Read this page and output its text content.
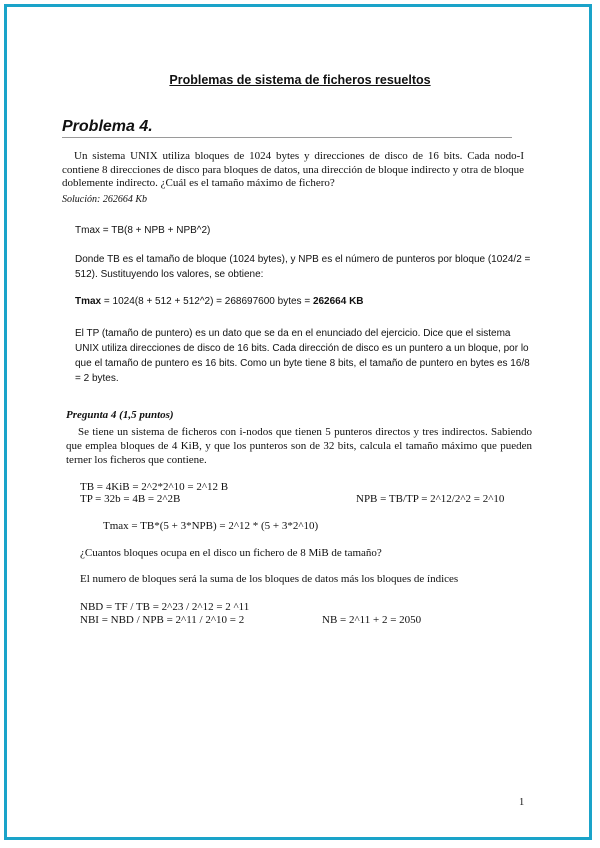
Problemas de sistema de ficheros resueltos
Problema 4.

Un sistema UNIX utiliza bloques de 1024 bytes y direcciones de disco de 16 bits. Cada nodo-I contiene 8 direcciones de disco para bloques de datos, una dirección de bloque indirecto y otra de bloque doblemente indirecto. ¿Cuál es el tamaño máximo de fichero?

Solución: 262664 Kb
Tmax = TB(8 + NPB + NPB^2)

Donde TB es el tamaño de bloque (1024 bytes), y NPB es el número de punteros por bloque (1024/2 = 512). Sustituyendo los valores, se obtiene:

Tmax = 1024(8 + 512 + 512^2) = 268697600 bytes = 262664 KB

El TP (tamaño de puntero) es un dato que se da en el enunciado del ejercicio. Dice que el sistema UNIX utiliza direcciones de disco de 16 bits. Cada dirección de disco es un puntero a un bloque, por lo que el tamaño de puntero es 16 bits. Como un byte tiene 8 bits, el tamaño de puntero en bytes es 16/8 = 2 bytes.

Pregunta 4 (1,5 puntos)

Se tiene un sistema de ficheros con i-nodos que tienen 5 punteros directos y tres indirectos. Sabiendo que emplea bloques de 4 KiB, y que los punteros son de 32 bits, calcula el tamaño máximo que pueden terner los ficheros que contiene.

TB = 4KiB = 2^2*2^10 = 2^12 B
TP = 32b = 4B = 2^2B	NPB = TB/TP = 2^12/2^2 = 2^10
Tmax = TB*(5 + 3*NPB) = 2^12 * (5 + 3*2^10)
¿Cuantos bloques ocupa en el disco un fichero de 8 MiB de tamaño?
El numero de bloques será la suma de los bloques de datos más los bloques de índices
NBD = TF / TB = 2^23 / 2^12 = 2 ^11
NBI = NBD / NPB = 2^11 / 2^10 = 2	NB = 2^11 + 2 = 2050
1
